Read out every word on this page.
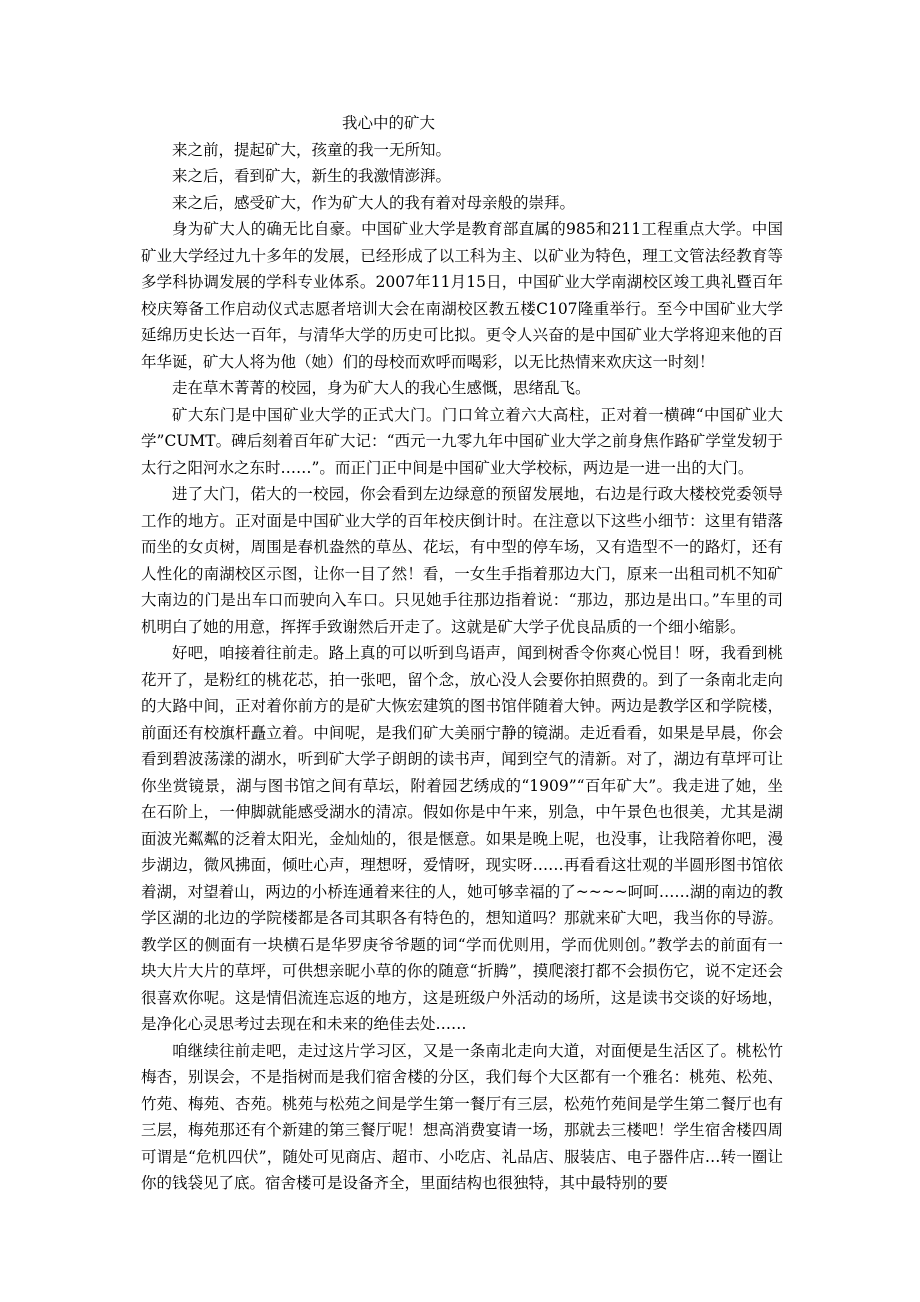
我心中的矿大

来之前，提起矿大，孩童的我一无所知。

来之后，看到矿大，新生的我激情澎湃。

来之后，感受矿大，作为矿大人的我有着对母亲般的崇拜。

身为矿大人的确无比自豪。中国矿业大学是教育部直属的985和211工程重点大学。中国矿业大学经过九十多年的发展，已经形成了以工科为主、以矿业为特色，理工文管法经教育等多学科协调发展的学科专业体系。2007年11月15日，中国矿业大学南湖校区竣工典礼暨百年校庆筹备工作启动仪式志愿者培训大会在南湖校区教五楼C107隆重举行。至今中国矿业大学延绵历史长达一百年，与清华大学的历史可比拟。更令人兴奋的是中国矿业大学将迎来他的百年华诞，矿大人将为他（她）们的母校而欢呼而喝彩，以无比热情来欢庆这一时刻！

走在草木菁菁的校园，身为矿大人的我心生感慨，思绪乱飞。

矿大东门是中国矿业大学的正式大门。门口耸立着六大高柱，正对着一横碑“中国矿业大学”CUMT。碑后刻着百年矿大记：“西元一九零九年中国矿业大学之前身焦作路矿学堂发轫于太行之阳河水之东时……”。而正门正中间是中国矿业大学校标，两边是一进一出的大门。

进了大门，偌大的一校园，你会看到左边绿意的预留发展地，右边是行政大楼校党委领导工作的地方。正对面是中国矿业大学的百年校庆倒计时。在注意以下这些小细节：这里有错落而坐的女贞树，周围是春机盎然的草丛、花坛，有中型的停车场，又有造型不一的路灯，还有人性化的南湖校区示图，让你一目了然！看，一女生手指着那边大门，原来一出租司机不知矿大南边的门是出车口而驶向入车口。只见她手往那边指着说：“那边，那边是出口。”车里的司机明白了她的用意，挥挥手致谢然后开走了。这就是矿大学子优良品质的一个细小缩影。

好吧，咱接着往前走。路上真的可以听到鸟语声，闻到树香令你爽心悦目！呀，我看到桃花开了，是粉红的桃花芯，拍一张吧，留个念，放心没人会要你拍照费的。到了一条南北走向的大路中间，正对着你前方的是矿大恢宏建筑的图书馆伴随着大钟。两边是教学区和学院楼，前面还有校旗杆矗立着。中间呢，是我们矿大美丽宁静的镜湖。走近看看，如果是早晨，你会看到碧波荡漾的湖水，听到矿大学子朗朗的读书声，闻到空气的清新。对了，湖边有草坪可让你坐赏镜景，湖与图书馆之间有草坛，附着园艺绣成的“1909”“百年矿大”。我走进了她，坐在石阶上，一伸脚就能感受湖水的清凉。假如你是中午来，别急，中午景色也很美，尤其是湖面波光粼粼的泛着太阳光，金灿灿的，很是惬意。如果是晚上呢，也没事，让我陪着你吧，漫步湖边，微风拂面，倾吐心声，理想呀，爱情呀，现实呀……再看看这壮观的半圆形图书馆依着湖，对望着山，两边的小桥连通着来往的人，她可够幸福的了~~~~呵呵……湖的南边的教学区湖的北边的学院楼都是各司其职各有特色的，想知道吗？那就来矿大吧，我当你的导游。教学区的侧面有一块横石是华罗庚爷爷题的词“学而优则用，学而优则创。”教学去的前面有一块大片大片的草坪，可供想亲昵小草的你的随意“折腾”，摸爬滚打都不会损伤它，说不定还会很喜欢你呢。这是情侣流连忘返的地方，这是班级户外活动的场所，这是读书交谈的好场地，是净化心灵思考过去现在和未来的绝佳去处……

咱继续往前走吧，走过这片学习区，又是一条南北走向大道，对面便是生活区了。桃松竹梅杏，别误会，不是指树而是我们宿舍楼的分区，我们每个大区都有一个雅名：桃苑、松苑、竹苑、梅苑、杏苑。桃苑与松苑之间是学生第一餐厅有三层，松苑竹苑间是学生第二餐厅也有三层，梅苑那还有个新建的第三餐厅呢！想高消费宴请一场，那就去三楼吧！学生宿舍楼四周可谓是“危机四伏”，随处可见商店、超市、小吃店、礼品店、服装店、电子器件店…转一圈让你的钱袋见了底。宿舍楼可是设备齐全，里面结构也很独特，其中最特别的要
